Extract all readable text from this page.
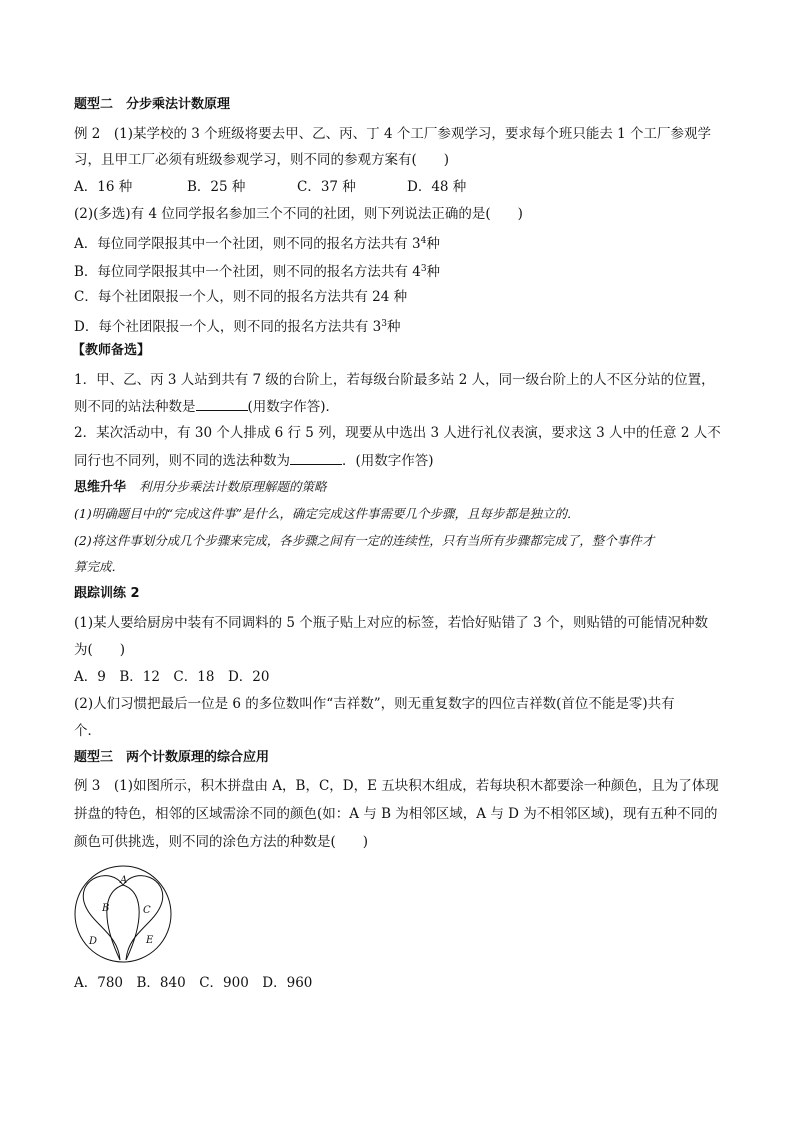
题型二　分步乘法计数原理
例 2　(1)某学校的 3 个班级将要去甲、乙、丙、丁 4 个工厂参观学习，要求每个班只能去 1 个工厂参观学
习，且甲工厂必须有班级参观学习，则不同的参观方案有(　　)
A．16 种	B．25 种	C．37 种	D．48 种
(2)(多选)有 4 位同学报名参加三个不同的社团，则下列说法正确的是(　　)
A．每位同学限报其中一个社团，则不同的报名方法共有 $3^4$种
B．每位同学限报其中一个社团，则不同的报名方法共有 $4^3$种
C．每个社团限报一个人，则不同的报名方法共有 24 种
D．每个社团限报一个人，则不同的报名方法共有 $3^3$种
【教师备选】
1．甲、乙、丙 3 人站到共有 7 级的台阶上，若每级台阶最多站 2 人，同一级台阶上的人不区分站的位置，
则不同的站法种数是	(用数字作答)．
2．某次活动中，有 30 个人排成 6 行 5 列，现要从中选出 3 人进行礼仪表演，要求这 3 人中的任意 2 人不
同行也不同列，则不同的选法种数为	．(用数字作答)
思维升华　利用分步乘法计数原理解题的策略
(1)明确题目中的“完成这件事”是什么，确定完成这件事需要几个步骤，且每步都是独立的．
(2)将这件事划分成几个步骤来完成，各步骤之间有一定的连续性，只有当所有步骤都完成了，整个事件才
算完成．
跟踪训练 2
(1)某人要给厨房中装有不同调料的 5 个瓶子贴上对应的标签，若恰好贴错了 3 个，则贴错的可能情况种数
为(　　)
A．9　B．12　C．18　D．20
(2)人们习惯把最后一位是 6 的多位数叫作“吉祥数”，则无重复数字的四位吉祥数(首位不能是零)共有
个．
题型三　两个计数原理的综合应用
例 3　(1)如图所示，积木拼盘由 A，B，C，D，E 五块积木组成，若每块积木都要涂一种颜色，且为了体现
拼盘的特色，相邻的区域需涂不同的颜色(如：A 与 B 为相邻区域，A 与 D 为不相邻区域)，现有五种不同的
颜色可供挑选，则不同的涂色方法的种数是(　　)
A
B	C
D	E
A．780　B．840　C．900　D．960
